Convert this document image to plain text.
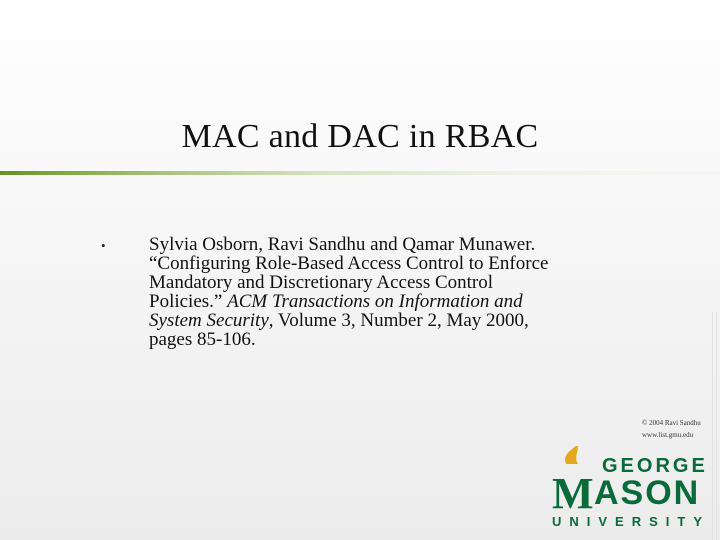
MAC and DAC in RBAC
• Sylvia Osborn, Ravi Sandhu and Qamar Munawer.
“Configuring Role-Based Access Control to Enforce
Mandatory and Discretionary Access Control
Policies.” ACM Transactions on Information and
System Security, Volume 3, Number 2, May 2000,
pages 85-106.
© 2004 Ravi Sandhu
www.list.gmu.edu
GEORGE
M ASON
UNIVERSITY
